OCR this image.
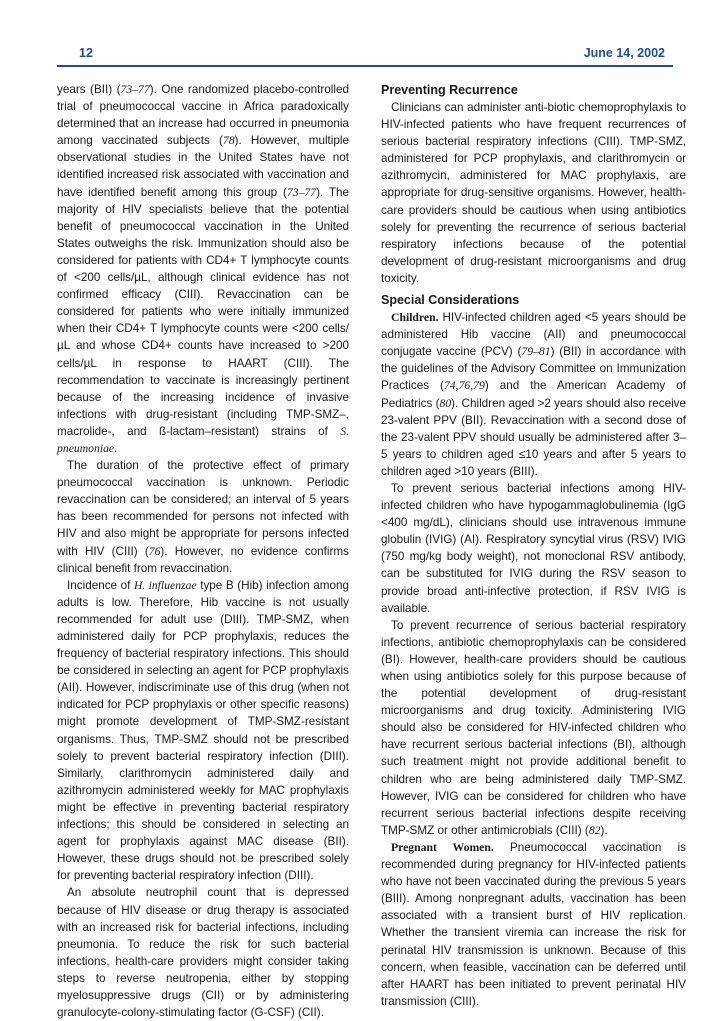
12	June 14, 2002

years (BII) (73–77). One randomized placebo-controlled trial of pneumococcal vaccine in Africa paradoxically determined that an increase had occurred in pneumonia among vaccinated subjects (78). However, multiple observational studies in the United States have not identified increased risk associated with vaccination and have identified benefit among this group (73–77). The majority of HIV specialists believe that the potential benefit of pneumococcal vaccination in the United States outweighs the risk. Immunization should also be considered for patients with CD4+ T lymphocyte counts of <200 cells/µL, although clinical evidence has not confirmed efficacy (CIII). Revaccination can be considered for patients who were initially immunized when their CD4+ T lymphocyte counts were <200 cells/µL and whose CD4+ counts have increased to >200 cells/µL in response to HAART (CIII). The recommendation to vaccinate is increasingly pertinent because of the increasing incidence of invasive infections with drug-resistant (including TMP-SMZ–, macrolide-, and ß-lactam–resistant) strains of S. pneumoniae.

The duration of the protective effect of primary pneumococcal vaccination is unknown. Periodic revaccination can be considered; an interval of 5 years has been recommended for persons not infected with HIV and also might be appropriate for persons infected with HIV (CIII) (76). However, no evidence confirms clinical benefit from revaccination.

Incidence of H. influenzae type B (Hib) infection among adults is low. Therefore, Hib vaccine is not usually recommended for adult use (DIII). TMP-SMZ, when administered daily for PCP prophylaxis, reduces the frequency of bacterial respiratory infections. This should be considered in selecting an agent for PCP prophylaxis (AII). However, indiscriminate use of this drug (when not indicated for PCP prophylaxis or other specific reasons) might promote development of TMP-SMZ-resistant organisms. Thus, TMP-SMZ should not be prescribed solely to prevent bacterial respiratory infection (DIII). Similarly, clarithromycin administered daily and azithromycin administered weekly for MAC prophylaxis might be effective in preventing bacterial respiratory infections; this should be considered in selecting an agent for prophylaxis against MAC disease (BII). However, these drugs should not be prescribed solely for preventing bacterial respiratory infection (DIII).

An absolute neutrophil count that is depressed because of HIV disease or drug therapy is associated with an increased risk for bacterial infections, including pneumonia. To reduce the risk for such bacterial infections, health-care providers might consider taking steps to reverse neutropenia, either by stopping myelosuppressive drugs (CII) or by administering granulocyte-colony-stimulating factor (G-CSF) (CII).

Preventing Recurrence

Clinicians can administer anti-biotic chemoprophylaxis to HIV-infected patients who have frequent recurrences of serious bacterial respiratory infections (CIII). TMP-SMZ, administered for PCP prophylaxis, and clarithromycin or azithromycin, administered for MAC prophylaxis, are appropriate for drug-sensitive organisms. However, health-care providers should be cautious when using antibiotics solely for preventing the recurrence of serious bacterial respiratory infections because of the potential development of drug-resistant microorganisms and drug toxicity.

Special Considerations

Children. HIV-infected children aged <5 years should be administered Hib vaccine (AII) and pneumococcal conjugate vaccine (PCV) (79–81) (BII) in accordance with the guidelines of the Advisory Committee on Immunization Practices (74,76,79) and the American Academy of Pediatrics (80). Children aged >2 years should also receive 23-valent PPV (BII). Revaccination with a second dose of the 23-valent PPV should usually be administered after 3–5 years to children aged ≤10 years and after 5 years to children aged >10 years (BIII).

To prevent serious bacterial infections among HIV-infected children who have hypogammaglobulinemia (IgG <400 mg/dL), clinicians should use intravenous immune globulin (IVIG) (AI). Respiratory syncytial virus (RSV) IVIG (750 mg/kg body weight), not monoclonal RSV antibody, can be substituted for IVIG during the RSV season to provide broad anti-infective protection, if RSV IVIG is available.

To prevent recurrence of serious bacterial respiratory infections, antibiotic chemoprophylaxis can be considered (BI). However, health-care providers should be cautious when using antibiotics solely for this purpose because of the potential development of drug-resistant microorganisms and drug toxicity. Administering IVIG should also be considered for HIV-infected children who have recurrent serious bacterial infections (BI), although such treatment might not provide additional benefit to children who are being administered daily TMP-SMZ. However, IVIG can be considered for children who have recurrent serious bacterial infections despite receiving TMP-SMZ or other antimicrobials (CIII) (82).

Pregnant Women. Pneumococcal vaccination is recommended during pregnancy for HIV-infected patients who have not been vaccinated during the previous 5 years (BIII). Among nonpregnant adults, vaccination has been associated with a transient burst of HIV replication. Whether the transient viremia can increase the risk for perinatal HIV transmission is unknown. Because of this concern, when feasible, vaccination can be deferred until after HAART has been initiated to prevent perinatal HIV transmission (CIII).
